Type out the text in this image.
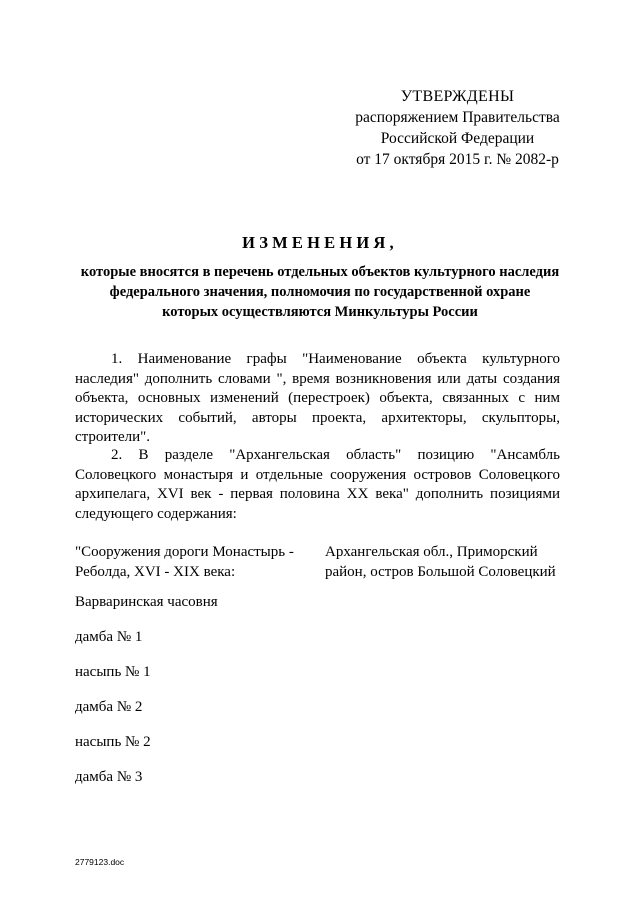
УТВЕРЖДЕНЫ
распоряжением Правительства
Российской Федерации
от 17 октября 2015 г. № 2082-р
ИЗМЕНЕНИЯ,
которые вносятся в перечень отдельных объектов культурного наследия федерального значения, полномочия по государственной охране которых осуществляются Минкультуры России

1. Наименование графы "Наименование объекта культурного наследия" дополнить словами ", время возникновения или даты создания объекта, основных изменений (перестроек) объекта, связанных с ним исторических событий, авторы проекта, архитекторы, скульпторы, строители".

2. В разделе "Архангельская область" позицию "Ансамбль Соловецкого монастыря и отдельные сооружения островов Соловецкого архипелага, XVI век - первая половина XX века" дополнить позициями следующего содержания:

"Сооружения дороги Монастырь - Реболда, XVI - XIX века:
Архангельская обл., Приморский район, остров Большой Соловецкий
Варваринская часовня
дамба № 1
насыпь № 1
дамба № 2
насыпь № 2
дамба № 3
2779123.doc
